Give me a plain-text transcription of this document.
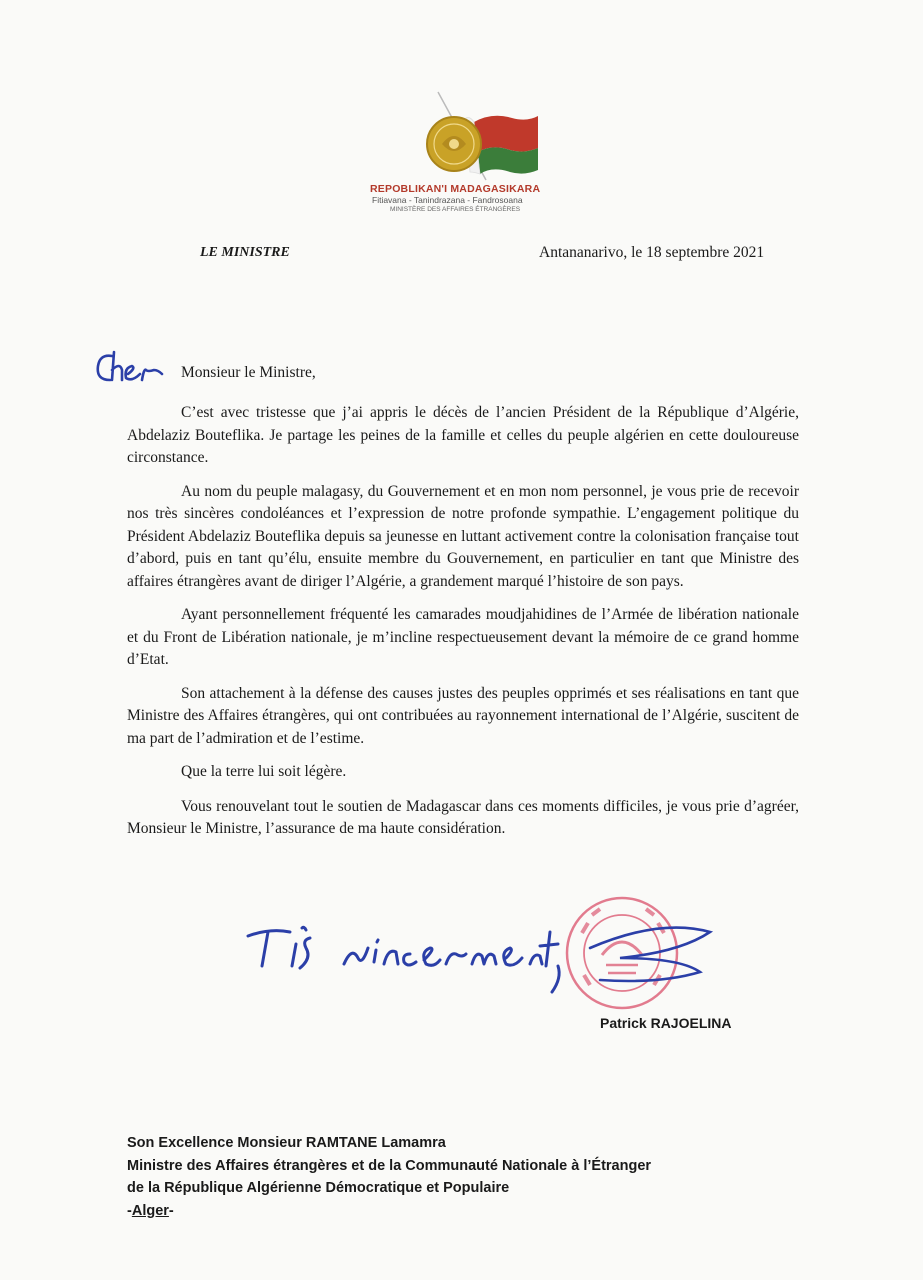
REPOBLIKAN'I MADAGASIKARA
Fitiavana - Tanindrazana - Fandrosoana
MINISTÈRE DES AFFAIRES ÉTRANGÈRES
LE MINISTRE	Antananarivo, le 18 septembre 2021
Monsieur le Ministre,

C’est avec tristesse que j’ai appris le décès de l’ancien Président de la République d’Algérie, Abdelaziz Bouteflika. Je partage les peines de la famille et celles du peuple algérien en cette douloureuse circonstance.

Au nom du peuple malagasy, du Gouvernement et en mon nom personnel, je vous prie de recevoir nos très sincères condoléances et l’expression de notre profonde sympathie. L’engagement politique du Président Abdelaziz Bouteflika depuis sa jeunesse en luttant activement contre la colonisation française tout d’abord, puis en tant qu’élu, ensuite membre du Gouvernement, en particulier en tant que Ministre des affaires étrangères avant de diriger l’Algérie, a grandement marqué l’histoire de son pays.

Ayant personnellement fréquenté les camarades moudjahidines de l’Armée de libération nationale et du Front de Libération nationale, je m’incline respectueusement devant la mémoire de ce grand homme d’Etat.

Son attachement à la défense des causes justes des peuples opprimés et ses réalisations en tant que Ministre des Affaires étrangères, qui ont contribuées au rayonnement international de l’Algérie, suscitent de ma part de l’admiration et de l’estime.

Que la terre lui soit légère.

Vous renouvelant tout le soutien de Madagascar dans ces moments difficiles, je vous prie d’agréer, Monsieur le Ministre, l’assurance de ma haute considération.

Patrick RAJOELINA
Son Excellence Monsieur RAMTANE Lamamra
Ministre des Affaires étrangères et de la Communauté Nationale à l’Étranger
de la République Algérienne Démocratique et Populaire
-Alger-
